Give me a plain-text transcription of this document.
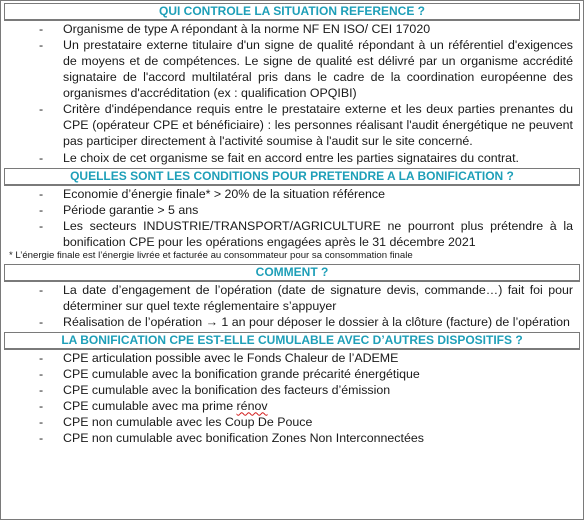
QUI CONTROLE LA SITUATION REFERENCE ?
- Organisme de type A répondant à la norme NF EN ISO/ CEI 17020
- Un prestataire externe titulaire d'un signe de qualité répondant à un référentiel d'exigences de moyens et de compétences. Le signe de qualité est délivré par un organisme accrédité signataire de l'accord multilatéral pris dans le cadre de la coordination européenne des organismes d'accréditation (ex : qualification OPQIBI)
- Critère d'indépendance requis entre le prestataire externe et les deux parties prenantes du CPE (opérateur CPE et bénéficiaire) : les personnes réalisant l'audit énergétique ne peuvent pas participer directement à l'activité soumise à l'audit sur le site concerné.
- Le choix de cet organisme se fait en accord entre les parties signataires du contrat.
QUELLES SONT LES CONDITIONS POUR PRETENDRE A LA BONIFICATION ?
- Economie d’énergie finale* > 20% de la situation référence
- Période garantie > 5 ans
- Les secteurs INDUSTRIE/TRANSPORT/AGRICULTURE ne pourront plus prétendre à la bonification CPE pour les opérations engagées après le 31 décembre 2021
* L’énergie finale est l’énergie livrée et facturée au consommateur pour sa consommation finale
COMMENT ?
- La date d’engagement de l’opération (date de signature devis, commande…) fait foi pour déterminer sur quel texte réglementaire s’appuyer
- Réalisation de l’opération → 1 an pour déposer le dossier à la clôture (facture) de l’opération
LA BONIFICATION CPE EST-ELLE CUMULABLE AVEC D’AUTRES DISPOSITIFS ?
- CPE articulation possible avec le Fonds Chaleur de l’ADEME
- CPE cumulable avec la bonification grande précarité énergétique
- CPE cumulable avec la bonification des facteurs d’émission
- CPE cumulable avec ma prime rénov
- CPE non cumulable avec les Coup De Pouce
- CPE non cumulable avec bonification Zones Non Interconnectées
